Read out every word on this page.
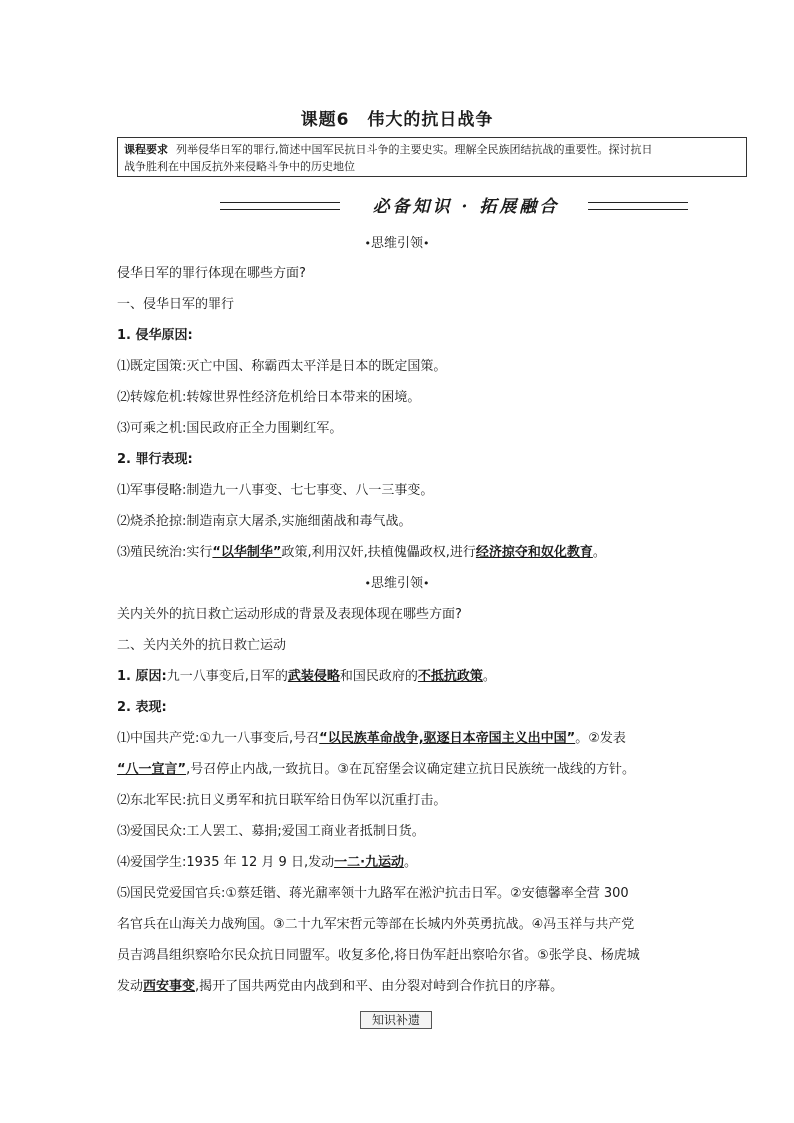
课题6　伟大的抗日战争
课程要求 列举侵华日军的罪行,简述中国军民抗日斗争的主要史实。理解全民族团结抗战的重要性。探讨抗日
战争胜利在中国反抗外来侵略斗争中的历史地位
必备知识 · 拓展融合
•思维引领•
侵华日军的罪行体现在哪些方面?
一、侵华日军的罪行
1. 侵华原因:
⑴既定国策:灭亡中国、称霸西太平洋是日本的既定国策。
⑵转嫁危机:转嫁世界性经济危机给日本带来的困境。
⑶可乘之机:国民政府正全力围剿红军。
2. 罪行表现:
⑴军事侵略:制造九一八事变、七七事变、八一三事变。
⑵烧杀抢掠:制造南京大屠杀,实施细菌战和毒气战。
⑶殖民统治:实行“以华制华”政策,利用汉奸,扶植傀儡政权,进行经济掠夺和奴化教育。
•思维引领•
关内关外的抗日救亡运动形成的背景及表现体现在哪些方面?
二、关内关外的抗日救亡运动
1. 原因:九一八事变后,日军的武装侵略和国民政府的不抵抗政策。
2. 表现:
⑴中国共产党:①九一八事变后,号召“以民族革命战争,驱逐日本帝国主义出中国”。②发表
“八一宣言”,号召停止内战,一致抗日。③在瓦窑堡会议确定建立抗日民族统一战线的方针。
⑵东北军民:抗日义勇军和抗日联军给日伪军以沉重打击。
⑶爱国民众:工人罢工、募捐;爱国工商业者抵制日货。
⑷爱国学生:1935 年 12 月 9 日,发动一二·九运动。
⑸国民党爱国官兵:①蔡廷锴、蒋光鼐率领十九路军在淞沪抗击日军。②安德馨率全营 300
名官兵在山海关力战殉国。③二十九军宋哲元等部在长城内外英勇抗战。④冯玉祥与共产党
员吉鸿昌组织察哈尔民众抗日同盟军。收复多伦,将日伪军赶出察哈尔省。⑤张学良、杨虎城
发动西安事变,揭开了国共两党由内战到和平、由分裂对峙到合作抗日的序幕。
知识补遗
